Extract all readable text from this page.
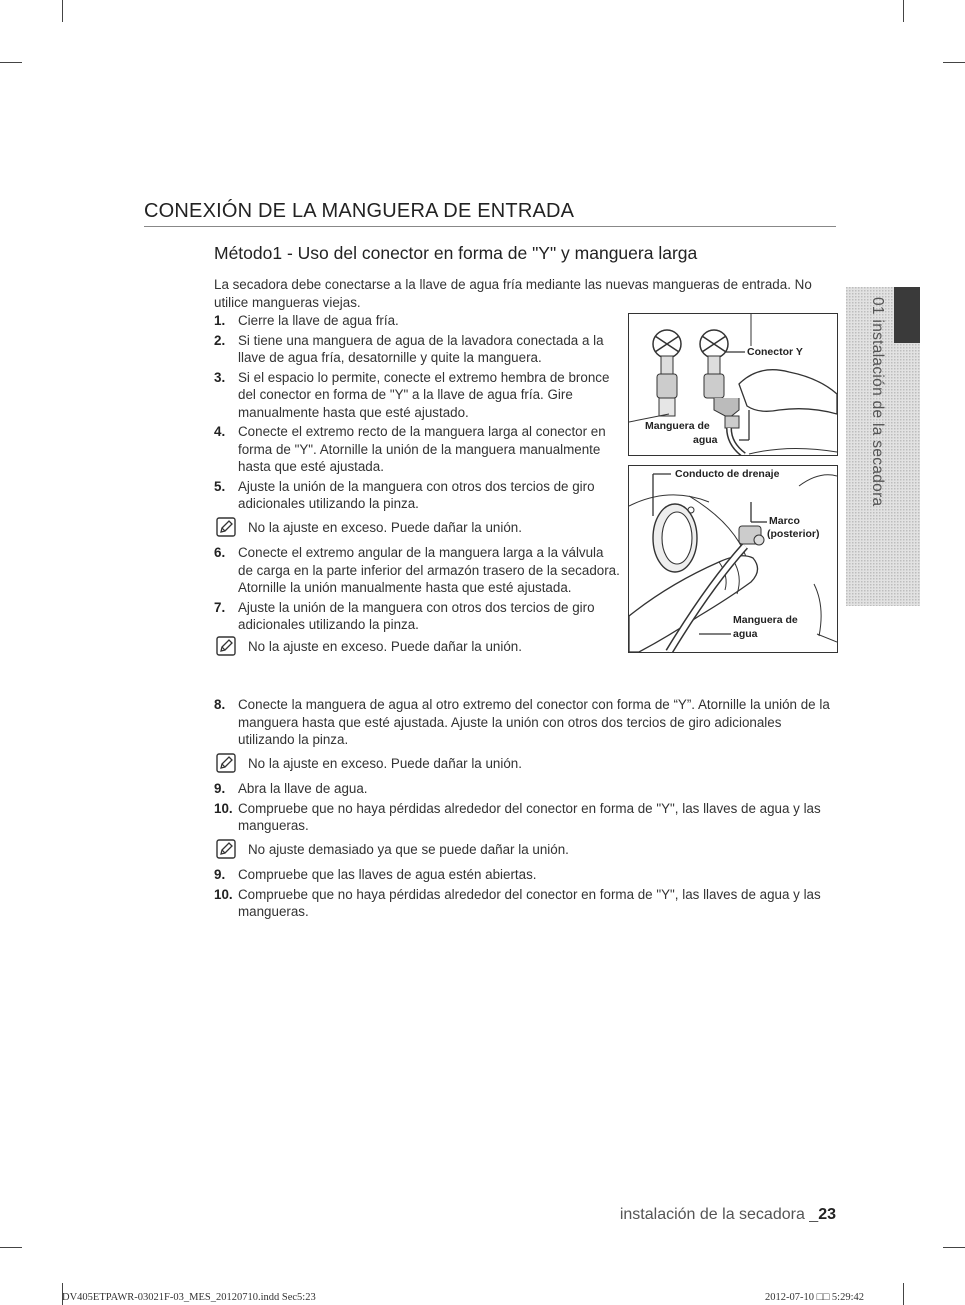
CONEXIÓN DE LA MANGUERA DE ENTRADA
Método1 - Uso del conector en forma de "Y" y manguera larga
La secadora debe conectarse a la llave de agua fría mediante las nuevas mangueras de entrada. No utilice mangueras viejas.
1. Cierre la llave de agua fría.
2. Si tiene una manguera de agua de la lavadora conectada a la llave de agua fría, desatornille y quite la manguera.
3. Si el espacio lo permite, conecte el extremo hembra de bronce del conector en forma de "Y" a la llave de agua fría. Gire manualmente hasta que esté ajustado.
4. Conecte el extremo recto de la manguera larga al conector en forma de "Y". Atornille la unión de la manguera manualmente hasta que esté ajustada.
5. Ajuste la unión de la manguera con otros dos tercios de giro adicionales utilizando la pinza.
No la ajuste en exceso. Puede dañar la unión.
6. Conecte el extremo angular de la manguera larga a la válvula de carga en la parte inferior del armazón trasero de la secadora. Atornille la unión manualmente hasta que esté ajustada.
7. Ajuste la unión de la manguera con otros dos tercios de giro adicionales utilizando la pinza.
No la ajuste en exceso. Puede dañar la unión.
8. Conecte la manguera de agua al otro extremo del conector con forma de “Y”. Atornille la unión de la manguera hasta que esté ajustada. Ajuste la unión con otros dos tercios de giro adicionales utilizando la pinza.
No la ajuste en exceso. Puede dañar la unión.
9. Abra la llave de agua.
10. Compruebe que no haya pérdidas alrededor del conector en forma de "Y", las llaves de agua y las mangueras.
No ajuste demasiado ya que se puede dañar la unión.
9. Compruebe que las llaves de agua estén abiertas.
10. Compruebe que no haya pérdidas alrededor del conector en forma de "Y", las llaves de agua y las mangueras.
Conector Y
Manguera de
agua
Conducto de drenaje
Marco
(posterior)
Manguera de
agua
01 instalación de la secadora
instalación de la secadora _23
DV405ETPAWR-03021F-03_MES_20120710.indd Sec5:23	2012-07-10 □□ 5:29:42
